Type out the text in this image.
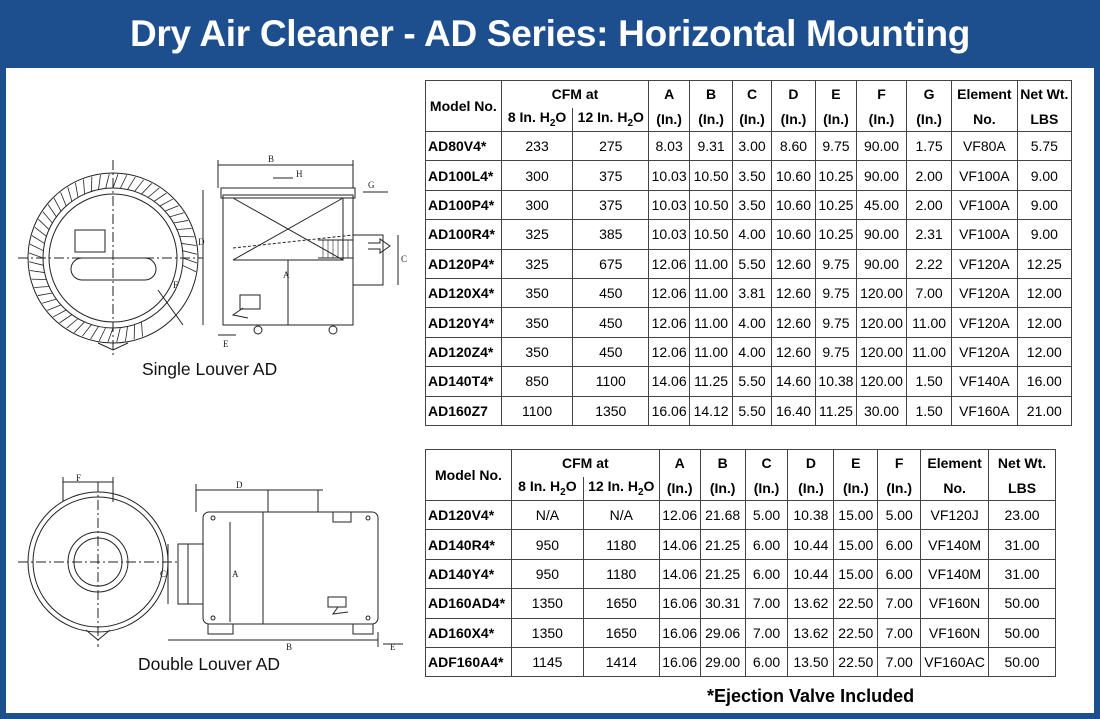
Dry Air Cleaner - AD Series: Horizontal Mounting
B
H
G
D
A
C
F
E
Single Louver AD
F
D
C	A
B	E
Double Louver AD
Model No.	CFM at		A	B	C	D	E	F	G	Element	Net Wt.
	8 In. $H_2O$	12 In. $H_2O$	(In.)	(In.)	(In.)	(In.)	(In.)	(In.)	(In.)	No.	LBS
AD80V4*	233	275	8.03	9.31	3.00	8.60	9.75	90.00	1.75	VF80A	5.75
AD100L4*	300	375	10.03	10.50	3.50	10.60	10.25	90.00	2.00	VF100A	9.00
AD100P4*	300	375	10.03	10.50	3.50	10.60	10.25	45.00	2.00	VF100A	9.00
AD100R4*	325	385	10.03	10.50	4.00	10.60	10.25	90.00	2.31	VF100A	9.00
AD120P4*	325	675	12.06	11.00	5.50	12.60	9.75	90.00	2.22	VF120A	12.25
AD120X4*	350	450	12.06	11.00	3.81	12.60	9.75	120.00	7.00	VF120A	12.00
AD120Y4*	350	450	12.06	11.00	4.00	12.60	9.75	120.00	11.00	VF120A	12.00
AD120Z4*	350	450	12.06	11.00	4.00	12.60	9.75	120.00	11.00	VF120A	12.00
AD140T4*	850	1100	14.06	11.25	5.50	14.60	10.38	120.00	1.50	VF140A	16.00
AD160Z7	1100	1350	16.06	14.12	5.50	16.40	11.25	30.00	1.50	VF160A	21.00
Model No.	CFM at		A	B	C	D	E	F	Element	Net Wt.
	8 In. $H_2O$	12 In. $H_2O$	(In.)	(In.)	(In.)	(In.)	(In.)	(In.)	No.	LBS
AD120V4*	N/A	N/A	12.06	21.68	5.00	10.38	15.00	5.00	VF120J	23.00
AD140R4*	950	1180	14.06	21.25	6.00	10.44	15.00	6.00	VF140M	31.00
AD140Y4*	950	1180	14.06	21.25	6.00	10.44	15.00	6.00	VF140M	31.00
AD160AD4*	1350	1650	16.06	30.31	7.00	13.62	22.50	7.00	VF160N	50.00
AD160X4*	1350	1650	16.06	29.06	7.00	13.62	22.50	7.00	VF160N	50.00
ADF160A4*	1145	1414	16.06	29.00	6.00	13.50	22.50	7.00	VF160AC	50.00
*Ejection Valve Included
